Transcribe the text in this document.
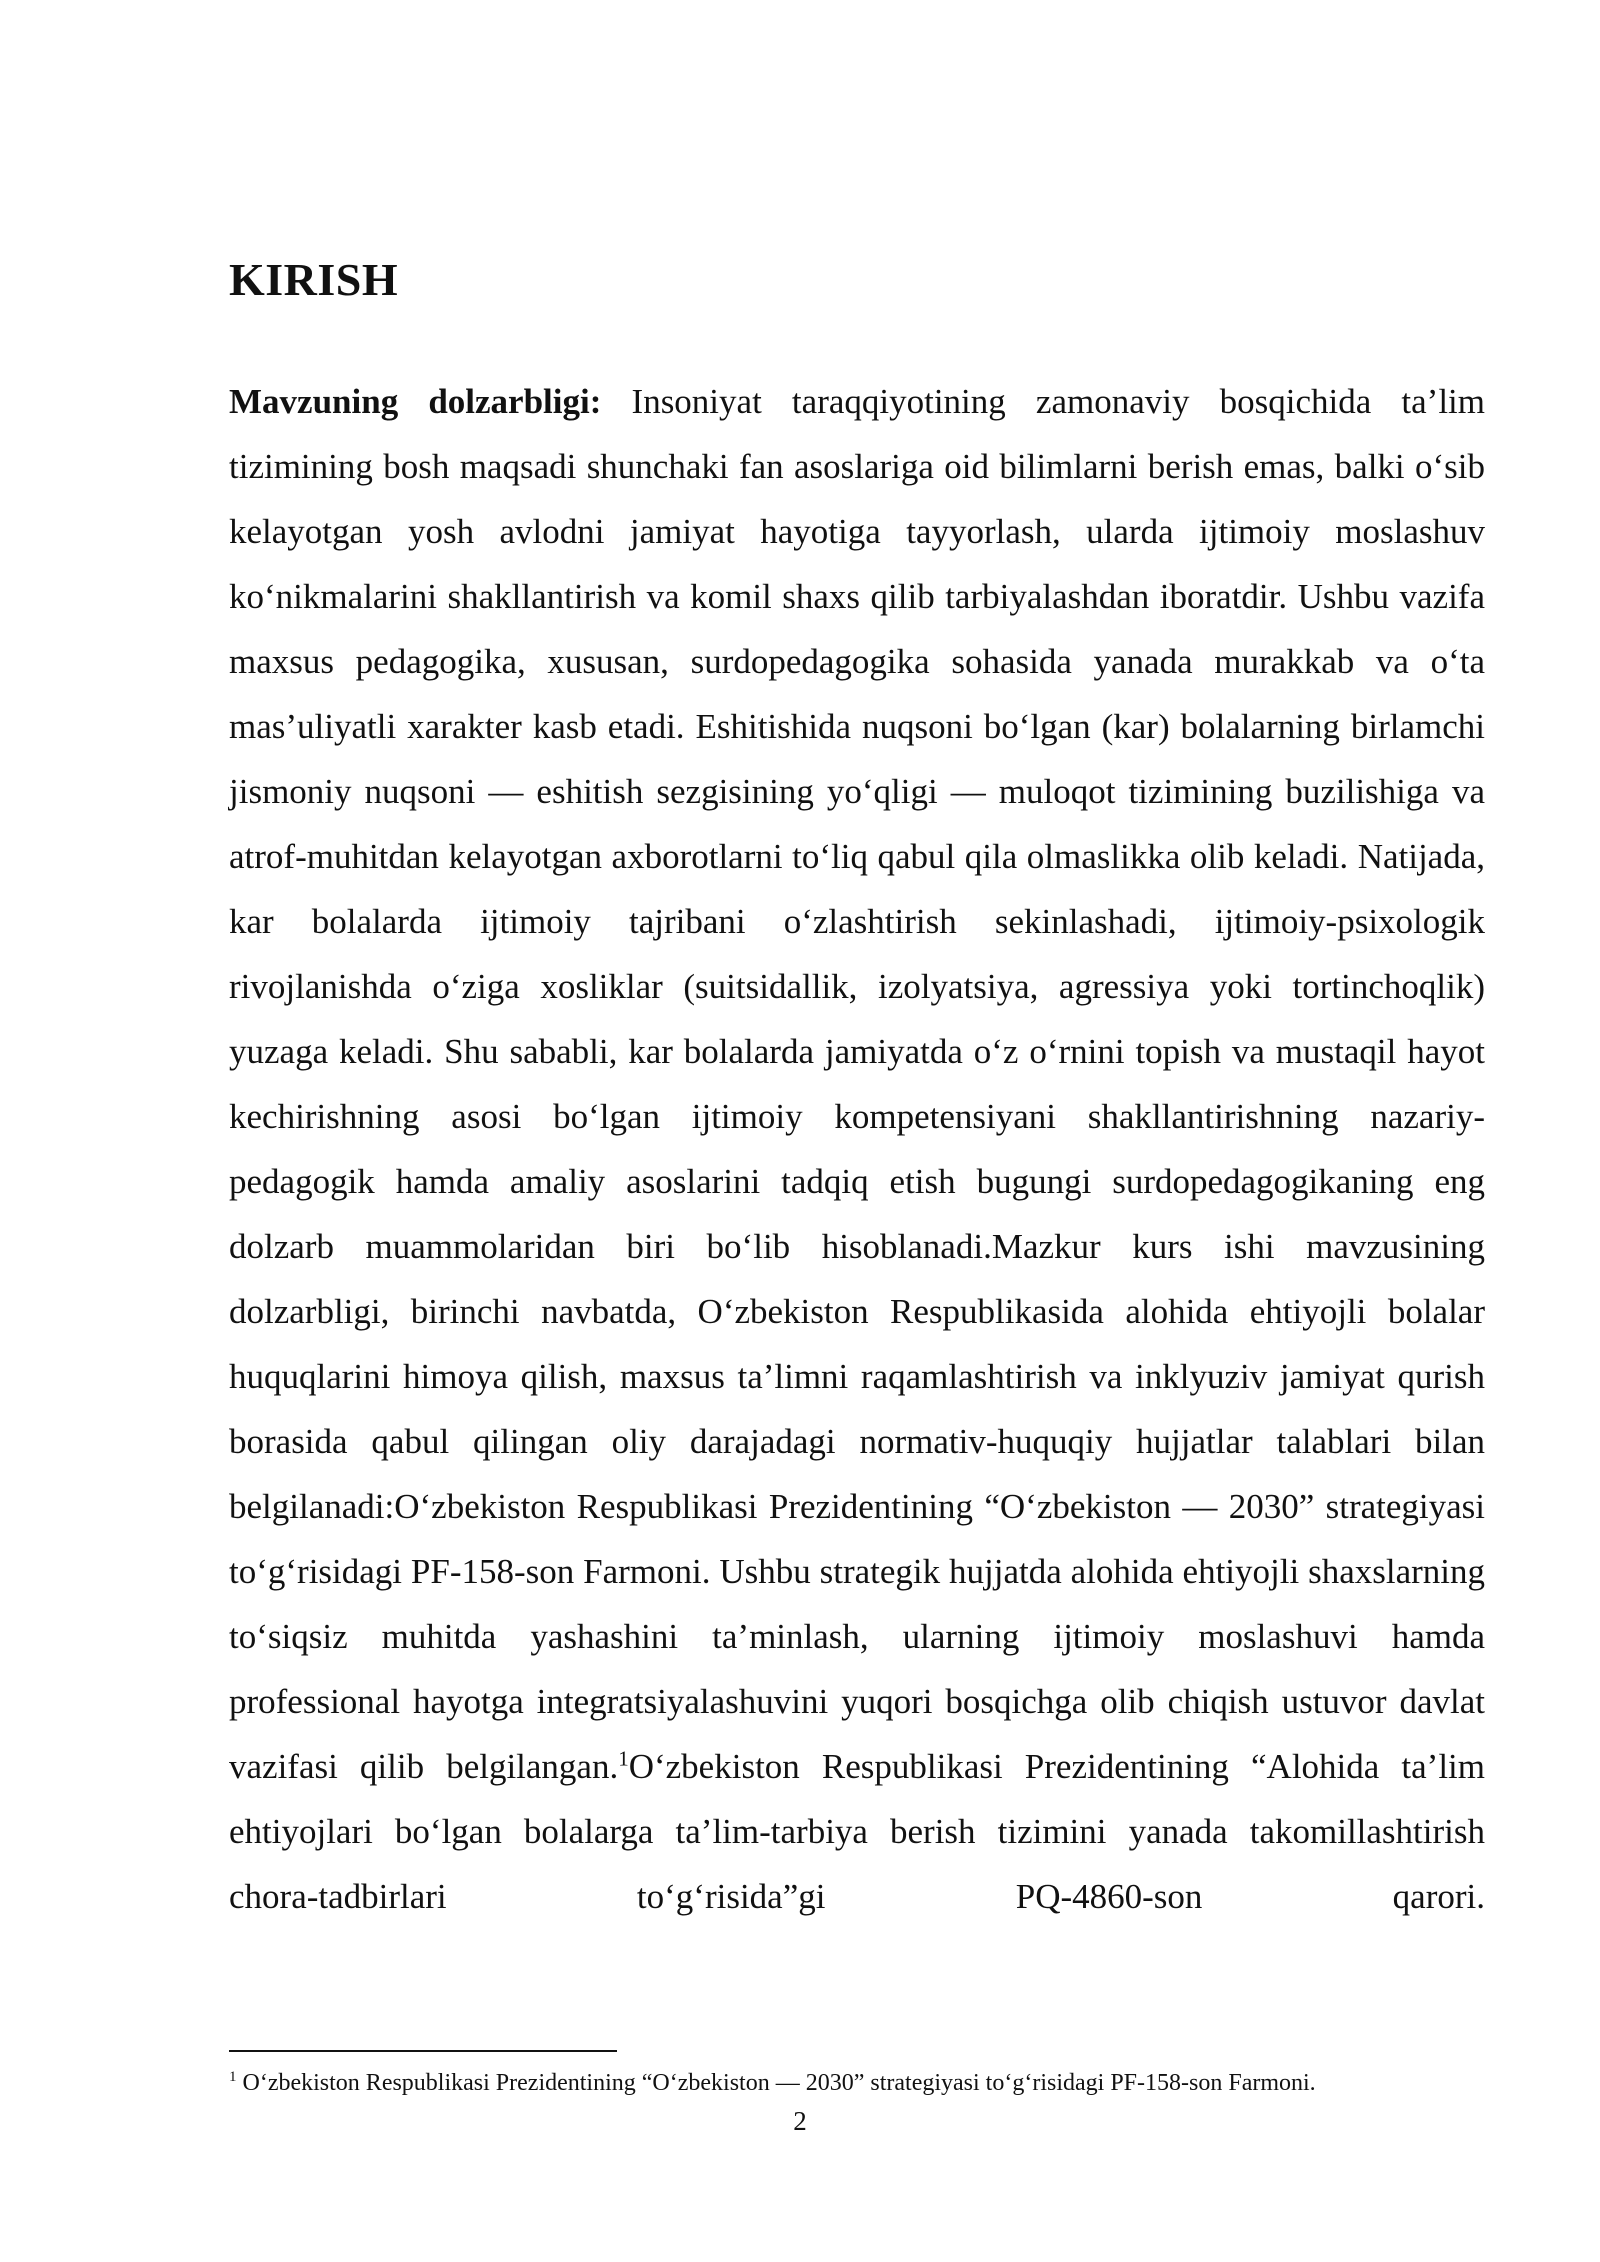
KIRISH

Mavzuning dolzarbligi: Insoniyat taraqqiyotining zamonaviy bosqichida ta’lim tizimining bosh maqsadi shunchaki fan asoslariga oid bilimlarni berish emas, balki o‘sib kelayotgan yosh avlodni jamiyat hayotiga tayyorlash, ularda ijtimoiy moslashuv ko‘nikmalarini shakllantirish va komil shaxs qilib tarbiyalashdan iboratdir. Ushbu vazifa maxsus pedagogika, xususan, surdopedagogika sohasida yanada murakkab va o‘ta mas’uliyatli xarakter kasb etadi. Eshitishida nuqsoni bo‘lgan (kar) bolalarning birlamchi jismoniy nuqsoni — eshitish sezgisining yo‘qligi — muloqot tizimining buzilishiga va atrof-muhitdan kelayotgan axborotlarni to‘liq qabul qila olmaslikka olib keladi. Natijada, kar bolalarda ijtimoiy tajribani o‘zlashtirish sekinlashadi, ijtimoiy-psixologik rivojlanishda o‘ziga xosliklar (suitsidallik, izolyatsiya, agressiya yoki tortinchoqlik) yuzaga keladi. Shu sababli, kar bolalarda jamiyatda o‘z o‘rnini topish va mustaqil hayot kechirishning asosi bo‘lgan ijtimoiy kompetensiyani shakllantirishning nazariy-pedagogik hamda amaliy asoslarini tadqiq etish bugungi surdopedagogikaning eng dolzarb muammolaridan biri bo‘lib hisoblanadi.Mazkur kurs ishi mavzusining dolzarbligi, birinchi navbatda, O‘zbekiston Respublikasida alohida ehtiyojli bolalar huquqlarini himoya qilish, maxsus ta’limni raqamlashtirish va inklyuziv jamiyat qurish borasida qabul qilingan oliy darajadagi normativ-huquqiy hujjatlar talablari bilan belgilanadi:O‘zbekiston Respublikasi Prezidentining “O‘zbekiston — 2030” strategiyasi to‘g‘risidagi PF-158-son Farmoni. Ushbu strategik hujjatda alohida ehtiyojli shaxslarning to‘siqsiz muhitda yashashini ta’minlash, ularning ijtimoiy moslashuvi hamda professional hayotga integratsiyalashuvini yuqori bosqichga olib chiqish ustuvor davlat vazifasi qilib belgilangan.$^1$O‘zbekiston Respublikasi Prezidentining “Alohida ta’lim ehtiyojlari bo‘lgan bolalarga ta’lim-tarbiya berish tizimini yanada takomillashtirish chora-tadbirlari to‘g‘risida”gi PQ-4860-son qarori.

$^1$ O‘zbekiston Respublikasi Prezidentining “O‘zbekiston — 2030” strategiyasi to‘g‘risidagi PF-158-son Farmoni.

2
